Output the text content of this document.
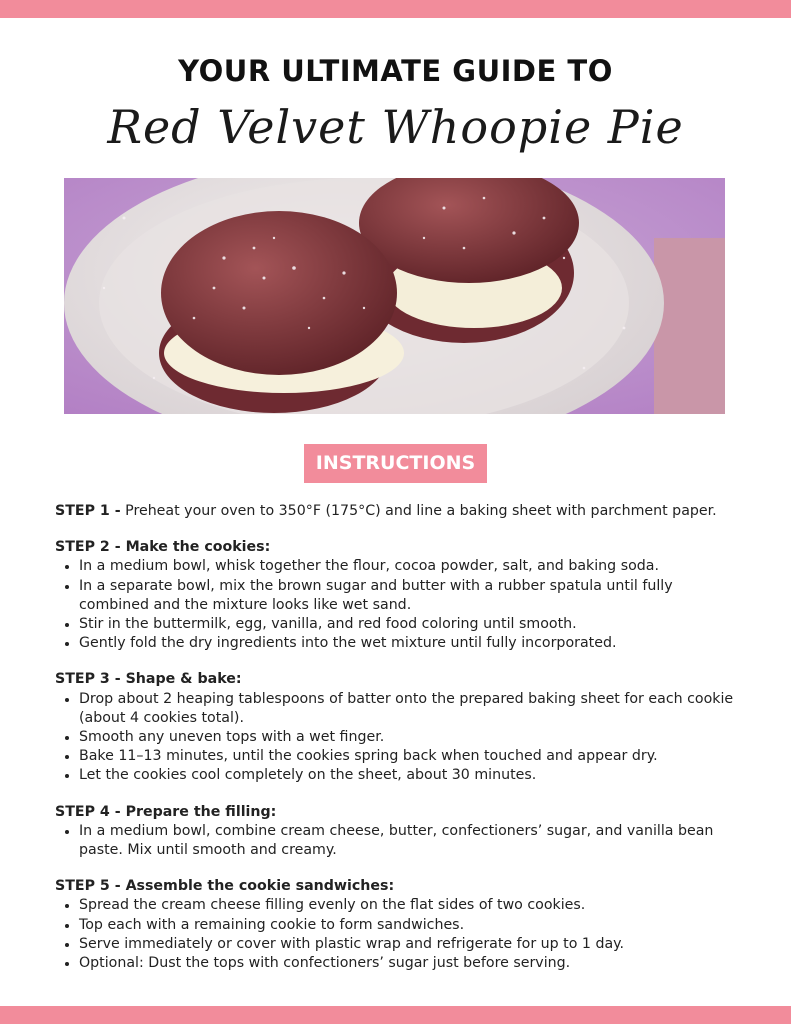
YOUR ULTIMATE GUIDE TO
Red Velvet Whoopie Pie
INSTRUCTIONS

STEP 1 - Preheat your oven to 350°F (175°C) and line a baking sheet with parchment paper.

STEP 2 - Make the cookies:

• In a medium bowl, whisk together the flour, cocoa powder, salt, and baking soda.
• In a separate bowl, mix the brown sugar and butter with a rubber spatula until fully combined and the mixture looks like wet sand.
• Stir in the buttermilk, egg, vanilla, and red food coloring until smooth.
• Gently fold the dry ingredients into the wet mixture until fully incorporated.

STEP 3 - Shape & bake:

• Drop about 2 heaping tablespoons of batter onto the prepared baking sheet for each cookie (about 4 cookies total).
• Smooth any uneven tops with a wet finger.
• Bake 11–13 minutes, until the cookies spring back when touched and appear dry.
• Let the cookies cool completely on the sheet, about 30 minutes.

STEP 4 - Prepare the filling:

• In a medium bowl, combine cream cheese, butter, confectioners’ sugar, and vanilla bean paste. Mix until smooth and creamy.

STEP 5 - Assemble the cookie sandwiches:

• Spread the cream cheese filling evenly on the flat sides of two cookies.
• Top each with a remaining cookie to form sandwiches.
• Serve immediately or cover with plastic wrap and refrigerate for up to 1 day.
• Optional: Dust the tops with confectioners’ sugar just before serving.
